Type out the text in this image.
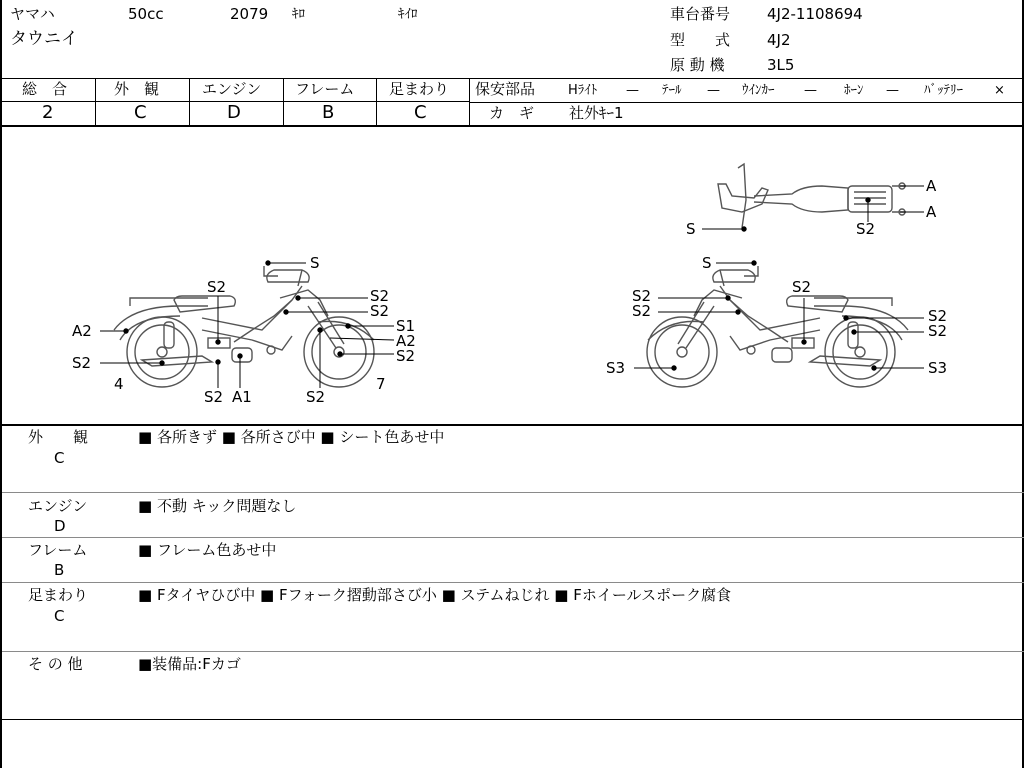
ヤマハ	50cc	2079 ｷﾛ	ｷｲﾛ
タウニイ
車台番号 4J2-1108694
型　　式 4J2
原 動 機	3L5
総　合
2
外　観
C
エンジン
D
フレーム
B
足まわり
C
保安部品	Hﾗｲﾄ — ﾃｰﾙ — ｳｲﾝｶｰ — ﾎｰﾝ — ﾊﾞｯﾃﾘｰ ×
カ　ギ 社外ｷｰ1
S
S2	S2
S2
S1
A2
S2
A2
S2
4
S2 A1	S2
7
S
S2
S2
S2
S2
S2
S3	S3
A
A
S	S2
外　　観
C
■ 各所きず ■ 各所さび中 ■ シート色あせ中
エンジン
D
■ 不動 キック問題なし
フレーム
B
■ フレーム色あせ中
足まわり
C
■ Fタイヤひび中 ■ Fフォーク摺動部さび小 ■ ステムねじれ ■ Fホイールスポーク腐食
そ の 他	■装備品:Fカゴ
